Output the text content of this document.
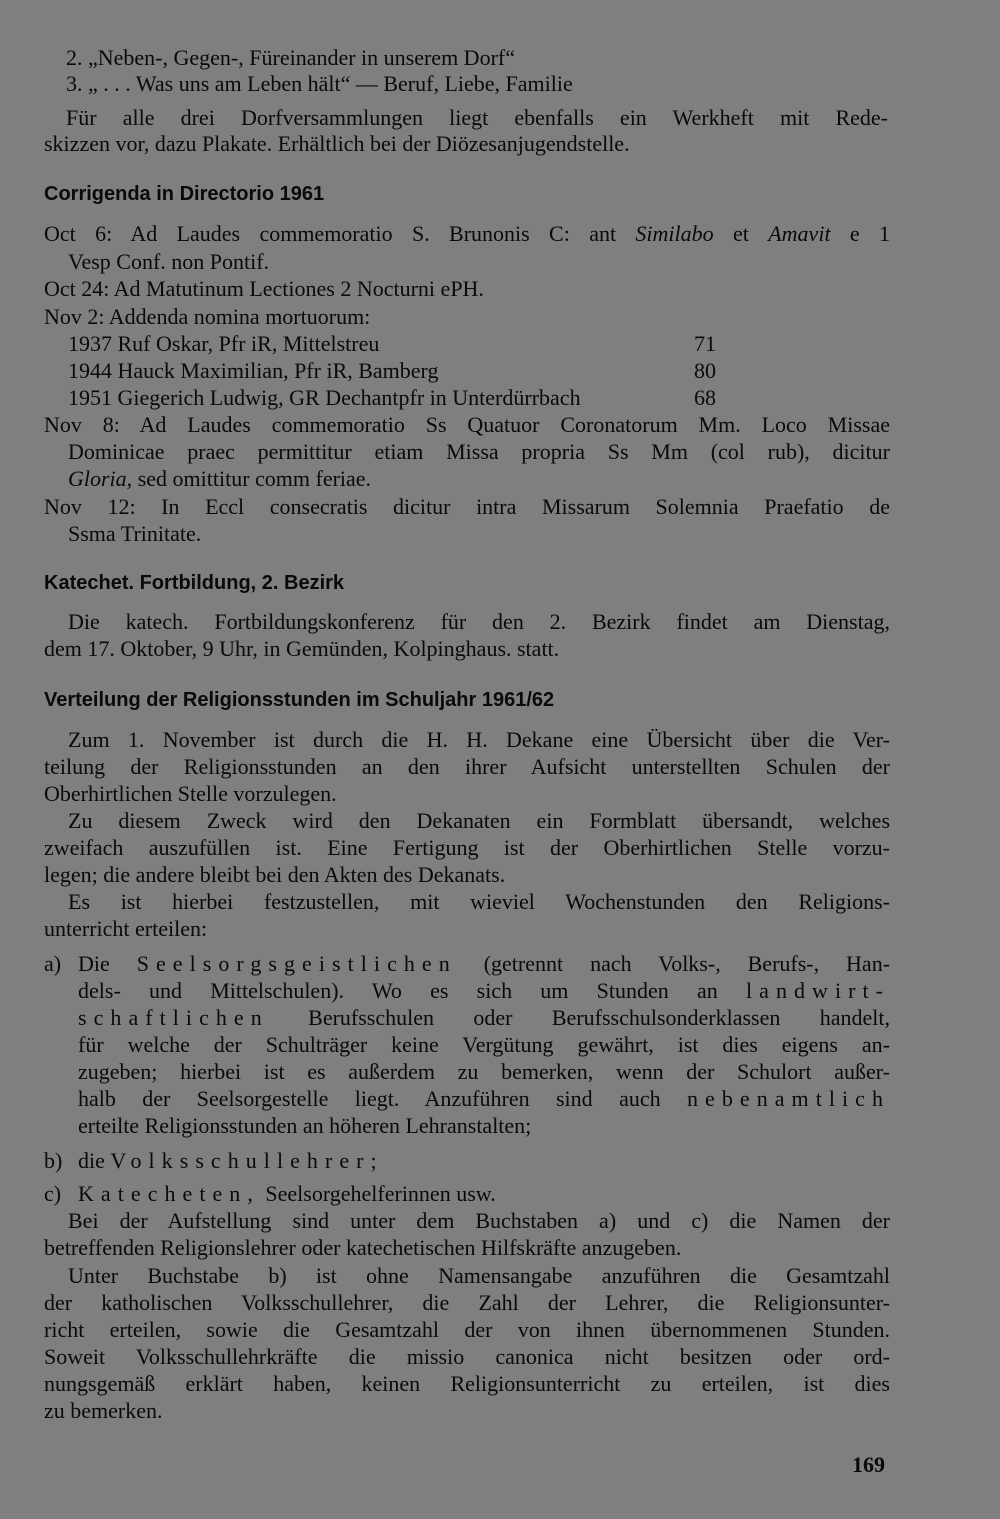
2. „Neben-, Gegen-, Füreinander in unserem Dorf“
3. „ . . . Was uns am Leben hält“ — Beruf, Liebe, Familie
Für alle drei Dorfversammlungen liegt ebenfalls ein Werkheft mit Rede-
skizzen vor, dazu Plakate. Erhältlich bei der Diözesanjugendstelle.
Corrigenda in Directorio 1961
Oct 6: Ad Laudes commemoratio S. Brunonis C: ant Similabo et Amavit e 1
Vesp Conf. non Pontif.
Oct 24: Ad Matutinum Lectiones 2 Nocturni ePH.
Nov 2: Addenda nomina mortuorum:
1937 Ruf Oskar, Pfr iR, Mittelstreu	71
1944 Hauck Maximilian, Pfr iR, Bamberg	80
1951 Giegerich Ludwig, GR Dechantpfr in Unterdürrbach	68
Nov 8: Ad Laudes commemoratio Ss Quatuor Coronatorum Mm. Loco Missae
Dominicae praec permittitur etiam Missa propria Ss Mm (col rub), dicitur
Gloria, sed omittitur comm feriae.
Nov 12: In Eccl consecratis dicitur intra Missarum Solemnia Praefatio de
Ssma Trinitate.
Katechet. Fortbildung, 2. Bezirk
Die katech. Fortbildungskonferenz für den 2. Bezirk findet am Dienstag,
dem 17. Oktober, 9 Uhr, in Gemünden, Kolpinghaus. statt.
Verteilung der Religionsstunden im Schuljahr 1961/62
Zum 1. November ist durch die H. H. Dekane eine Übersicht über die Ver-
teilung der Religionsstunden an den ihrer Aufsicht unterstellten Schulen der
Oberhirtlichen Stelle vorzulegen.
Zu diesem Zweck wird den Dekanaten ein Formblatt übersandt, welches
zweifach auszufüllen ist. Eine Fertigung ist der Oberhirtlichen Stelle vorzu-
legen; die andere bleibt bei den Akten des Dekanats.
Es ist hierbei festzustellen, mit wieviel Wochenstunden den Religions-
unterricht erteilen:
a) Die Seelsorgsgeistlichen (getrennt nach Volks-, Berufs-, Han-
dels- und Mittelschulen). Wo es sich um Stunden an landwirt-
schaftlichen Berufsschulen oder Berufsschulsonderklassen handelt,
für welche der Schulträger keine Vergütung gewährt, ist dies eigens an-
zugeben; hierbei ist es außerdem zu bemerken, wenn der Schulort außer-
halb der Seelsorgestelle liegt. Anzuführen sind auch nebenamtlich
erteilte Religionsstunden an höheren Lehranstalten;
b) die Volksschullehrer;
c) Katecheten, Seelsorgehelferinnen usw.
Bei der Aufstellung sind unter dem Buchstaben a) und c) die Namen der
betreffenden Religionslehrer oder katechetischen Hilfskräfte anzugeben.
Unter Buchstabe b) ist ohne Namensangabe anzuführen die Gesamtzahl
der katholischen Volksschullehrer, die Zahl der Lehrer, die Religionsunter-
richt erteilen, sowie die Gesamtzahl der von ihnen übernommenen Stunden.
Soweit Volksschullehrkräfte die missio canonica nicht besitzen oder ord-
nungsgemäß erklärt haben, keinen Religionsunterricht zu erteilen, ist dies
zu bemerken.
169
